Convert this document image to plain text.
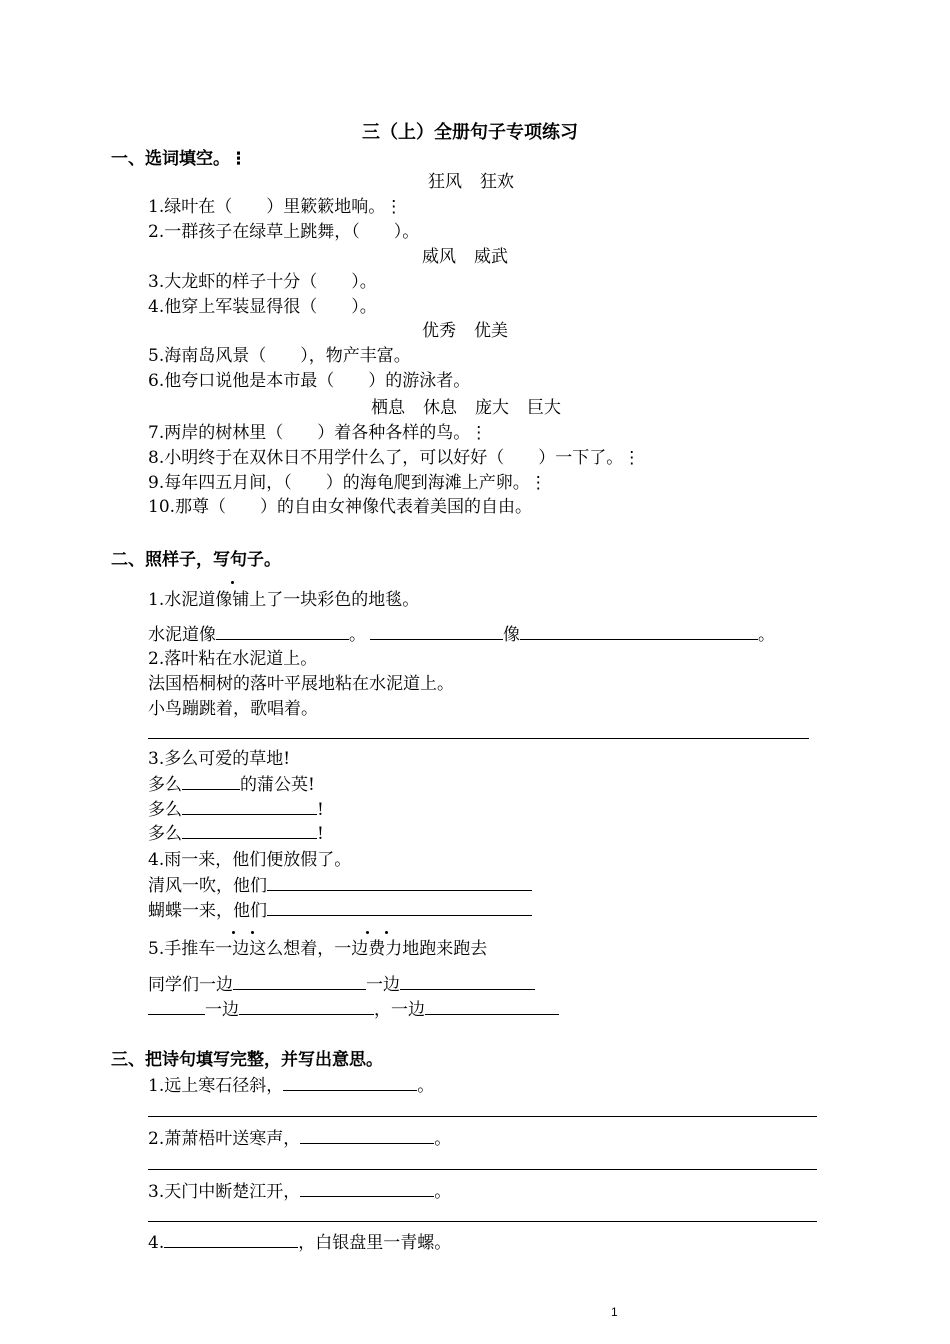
三（上）全册句子专项练习
一、选词填空。⋮
狂风 狂欢
1.绿叶在（　　）里簌簌地响。⋮
2.一群孩子在绿草上跳舞，（　　）。
威风 威武
3.大龙虾的样子十分（　　）。
4.他穿上军装显得很（　　）。
优秀 优美
5.海南岛风景（　　），物产丰富。
6.他夸口说他是本市最（　　）的游泳者。
栖息 休息 庞大 巨大
7.两岸的树林里（　　）着各种各样的鸟。⋮
8.小明终于在双休日不用学什么了，可以好好（　　）一下了。⋮
9.每年四五月间，（　　）的海龟爬到海滩上产卵。⋮
10.那尊（　　）的自由女神像代表着美国的自由。
二、照样子，写句子。
1.水泥道像铺上了一块彩色的地毯。
水泥道像	。	像	。
2.落叶粘在水泥道上。
法国梧桐树的落叶平展地粘在水泥道上。
小鸟蹦跳着，歌唱着。
3.多么可爱的草地!
多么	的蒲公英!
多么	!
多么	!
4.雨一来，他们便放假了。
清风一吹，他们
蝴蝶一来，他们
5.手推车一边这么想着，一边费力地跑来跑去
同学们一边	一边
一边	，一边
三、把诗句填写完整，并写出意思。
1.远上寒石径斜，	。
2.萧萧梧叶送寒声，	。
3.天门中断楚江开，	。
4.	，白银盘里一青螺。
1
